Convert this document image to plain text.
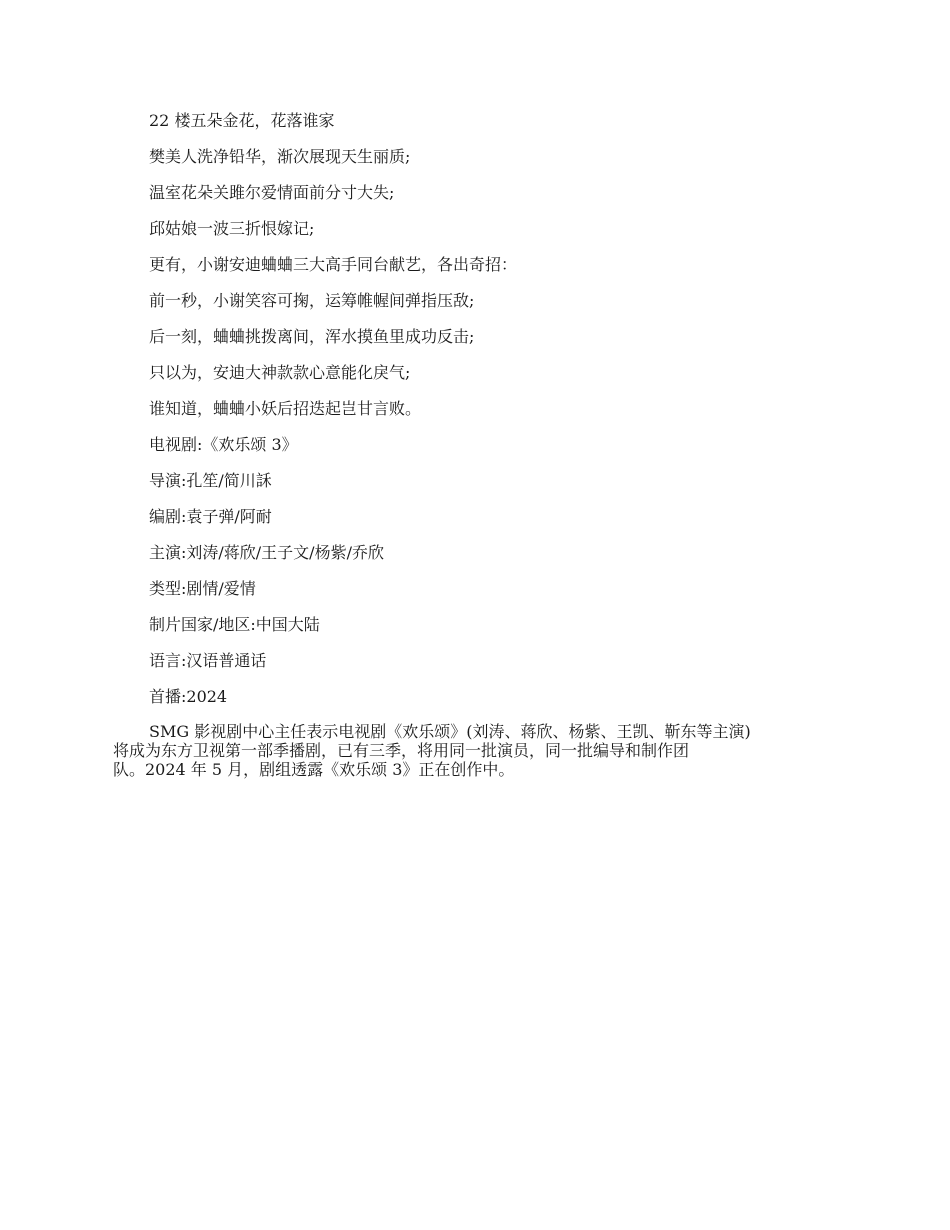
22 楼五朵金花，花落谁家
樊美人洗净铅华，渐次展现天生丽质;
温室花朵关雎尔爱情面前分寸大失;
邱姑娘一波三折恨嫁记;
更有，小谢安迪蛐蛐三大高手同台献艺，各出奇招：
前一秒，小谢笑容可掬，运筹帷幄间弹指压敌;
后一刻，蛐蛐挑拨离间，浑水摸鱼里成功反击;
只以为，安迪大神款款心意能化戾气;
谁知道，蛐蛐小妖后招迭起岂甘言败。
电视剧:《欢乐颂 3》
导演:孔笙/简川訸
编剧:袁子弹/阿耐
主演:刘涛/蒋欣/王子文/杨紫/乔欣
类型:剧情/爱情
制片国家/地区:中国大陆
语言:汉语普通话
首播:2024

SMG 影视剧中心主任表示电视剧《欢乐颂》(刘涛、蒋欣、杨紫、王凯、靳东等主演)
将成为东方卫视第一部季播剧，已有三季，将用同一批演员，同一批编导和制作团
队。2024 年 5 月，剧组透露《欢乐颂 3》正在创作中。
